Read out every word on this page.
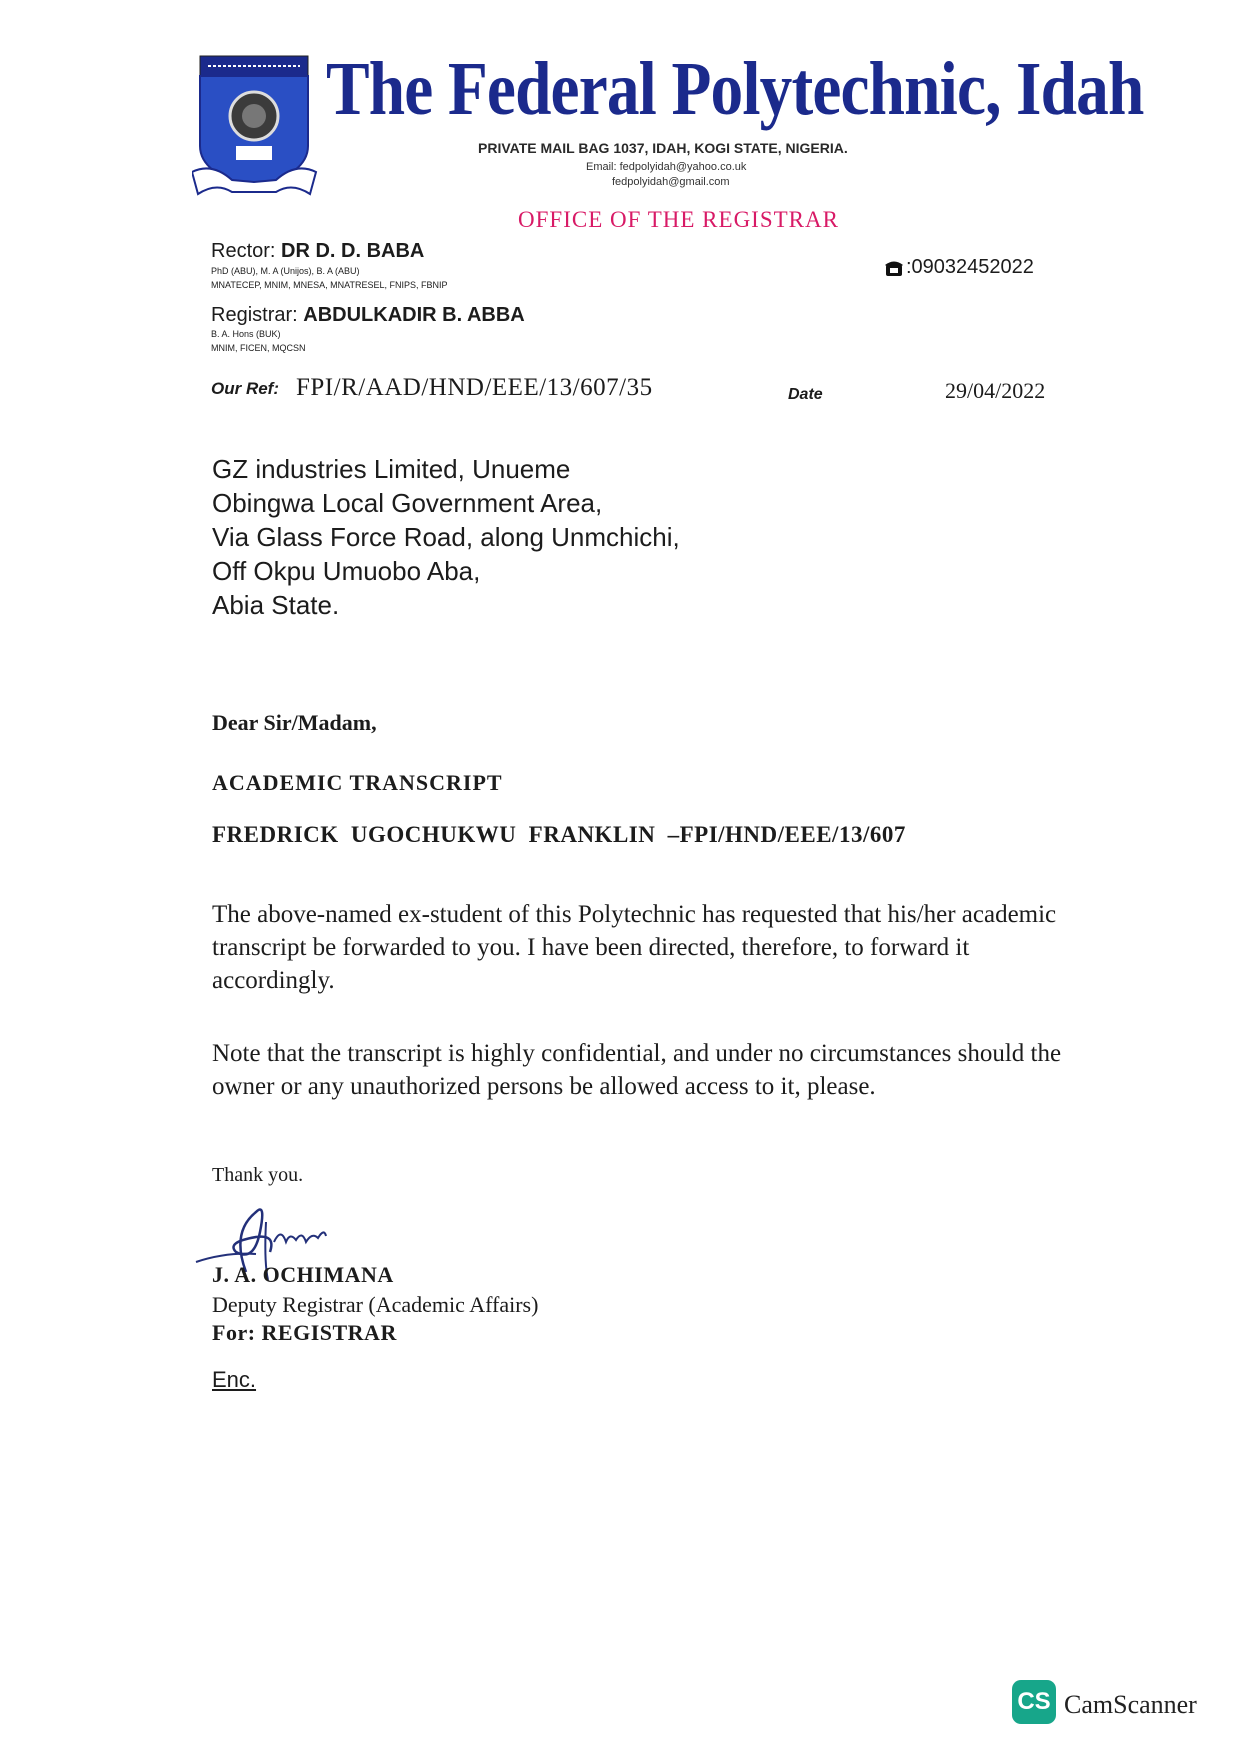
The Federal Polytechnic, Idah
PRIVATE MAIL BAG 1037, IDAH, KOGI STATE, NIGERIA.
Email: fedpolyidah@yahoo.co.uk
fedpolyidah@gmail.com
OFFICE OF THE REGISTRAR
Rector: DR D. D. BABA
PhD (ABU), M. A (Unijos), B. A (ABU)
MNATECEP, MNIM, MNESA, MNATRESEL, FNIPS, FBNIP
Registrar: ABDULKADIR B. ABBA
B. A. Hons (BUK)
MNIM, FICEN, MQCSN
:09032452022
Our Ref: FPI/R/AAD/HND/EEE/13/607/35	Date	29/04/2022
GZ industries Limited, Unueme
Obingwa Local Government Area,
Via Glass Force Road, along Unmchichi,
Off Okpu Umuobo Aba,
Abia State.
Dear Sir/Madam,
ACADEMIC TRANSCRIPT
FREDRICK UGOCHUKWU FRANKLIN –FPI/HND/EEE/13/607
The above-named ex-student of this Polytechnic has requested that his/her academic transcript be forwarded to you. I have been directed, therefore, to forward it accordingly.
Note that the transcript is highly confidential, and under no circumstances should the owner or any unauthorized persons be allowed access to it, please.
Thank you.
J. A. OCHIMANA
Deputy Registrar (Academic Affairs)
For: REGISTRAR
Enc.
CS CamScanner
